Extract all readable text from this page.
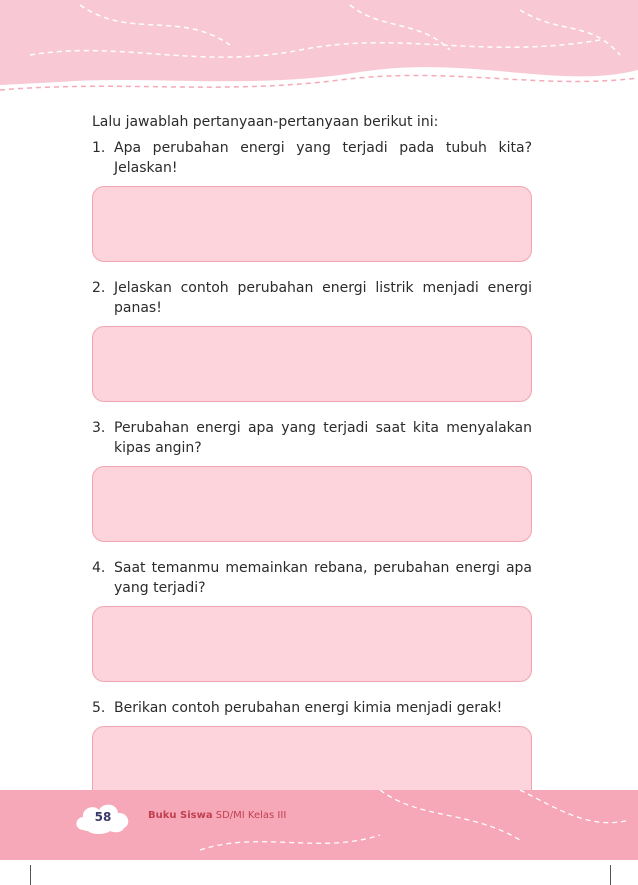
Lalu jawablah pertanyaan-pertanyaan berikut ini:

1. Apa perubahan energi yang terjadi pada tubuh kita? Jelaskan!
2. Jelaskan contoh perubahan energi listrik menjadi energi panas!
3. Perubahan energi apa yang terjadi saat kita menyalakan kipas angin?
4. Saat temanmu memainkan rebana, perubahan energi apa yang terjadi?
5. Berikan contoh perubahan energi kimia menjadi gerak!
58	Buku Siswa SD/MI Kelas III
